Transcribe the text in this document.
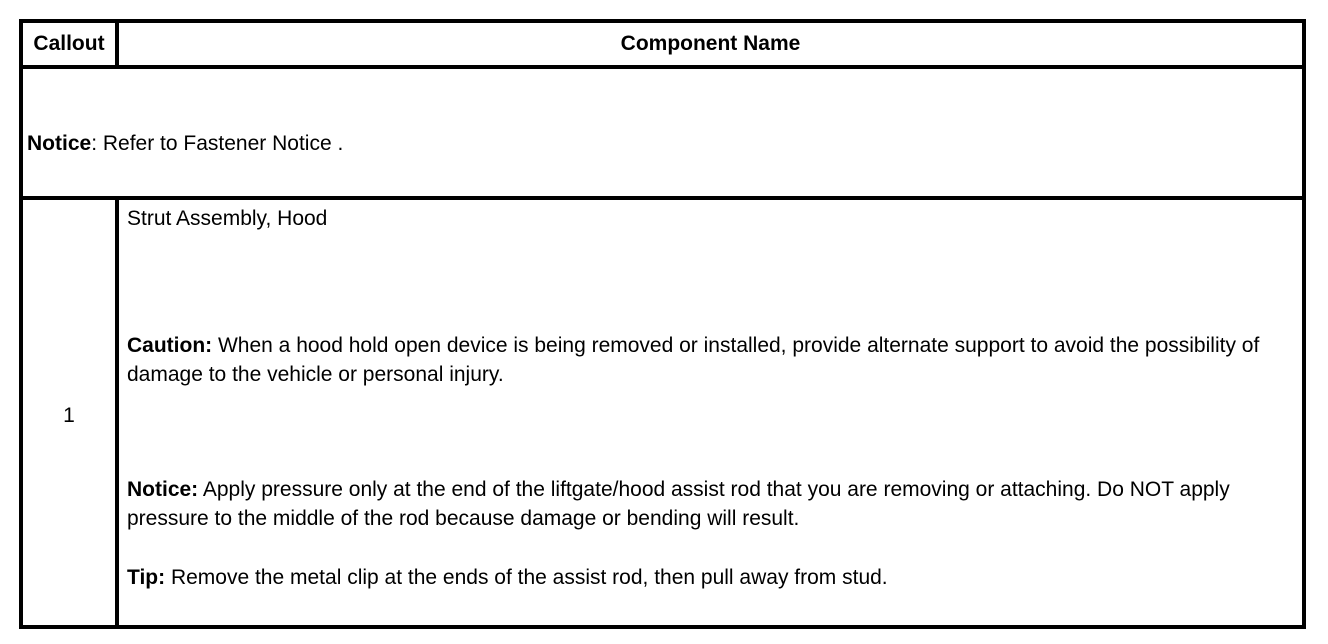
Callout	Component Name
Notice: Refer to Fastener Notice .
1
Strut Assembly, Hood
Caution: When a hood hold open device is being removed or installed, provide alternate support to avoid the possibility of damage to the vehicle or personal injury.
Notice: Apply pressure only at the end of the liftgate/hood assist rod that you are removing or attaching. Do NOT apply pressure to the middle of the rod because damage or bending will result.
Tip: Remove the metal clip at the ends of the assist rod, then pull away from stud.
